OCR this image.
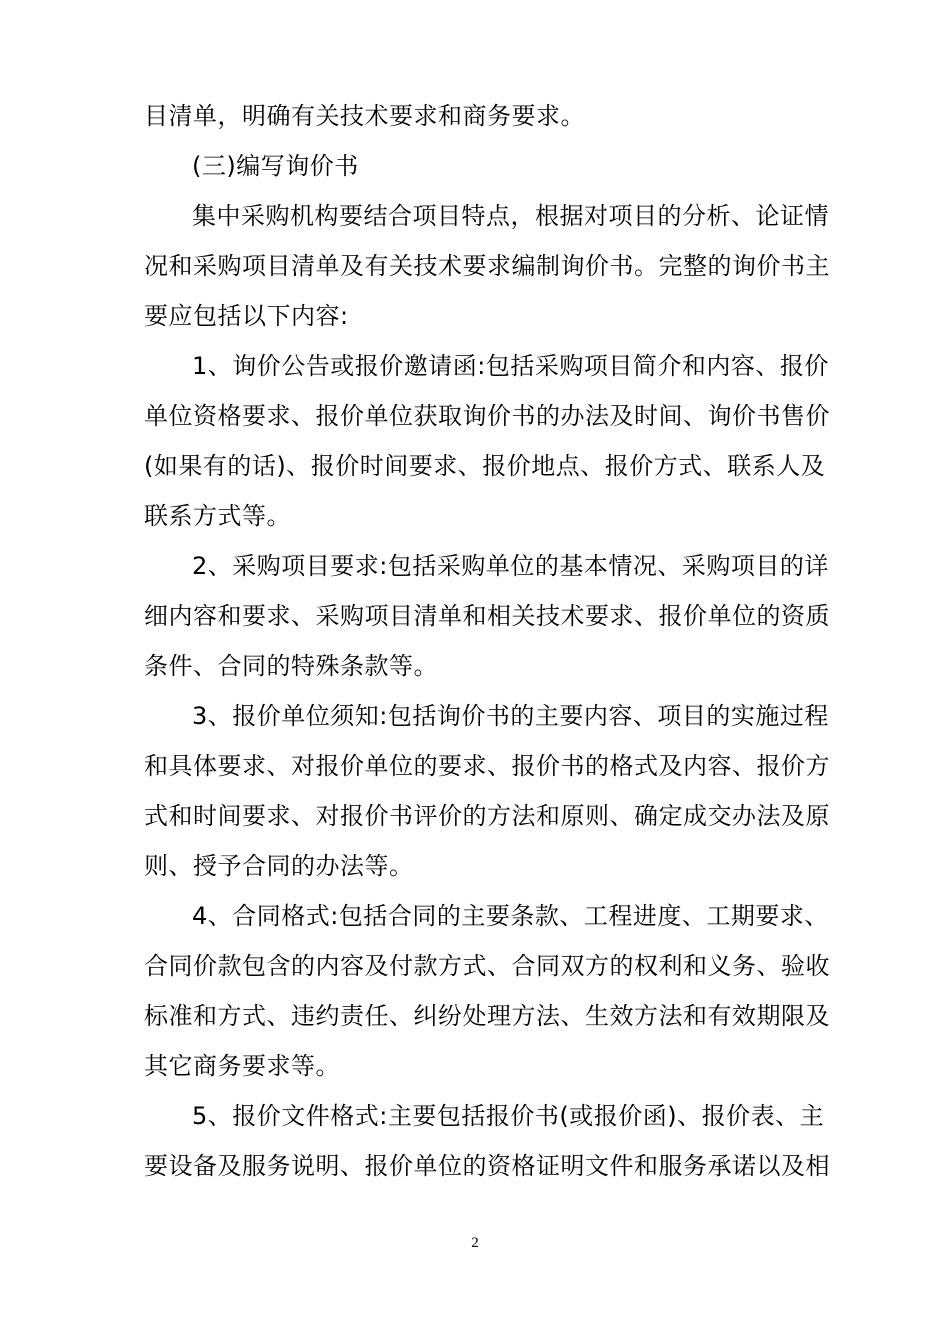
目清单，明确有关技术要求和商务要求。
(三)编写询价书
集中采购机构要结合项目特点，根据对项目的分析、论证情
况和采购项目清单及有关技术要求编制询价书。完整的询价书主
要应包括以下内容:
1、询价公告或报价邀请函:包括采购项目简介和内容、报价
单位资格要求、报价单位获取询价书的办法及时间、询价书售价
(如果有的话)、报价时间要求、报价地点、报价方式、联系人及
联系方式等。
2、采购项目要求:包括采购单位的基本情况、采购项目的详
细内容和要求、采购项目清单和相关技术要求、报价单位的资质
条件、合同的特殊条款等。
3、报价单位须知:包括询价书的主要内容、项目的实施过程
和具体要求、对报价单位的要求、报价书的格式及内容、报价方
式和时间要求、对报价书评价的方法和原则、确定成交办法及原
则、授予合同的办法等。
4、合同格式:包括合同的主要条款、工程进度、工期要求、
合同价款包含的内容及付款方式、合同双方的权利和义务、验收
标准和方式、违约责任、纠纷处理方法、生效方法和有效期限及
其它商务要求等。
5、报价文件格式:主要包括报价书(或报价函)、报价表、主
要设备及服务说明、报价单位的资格证明文件和服务承诺以及相
2
